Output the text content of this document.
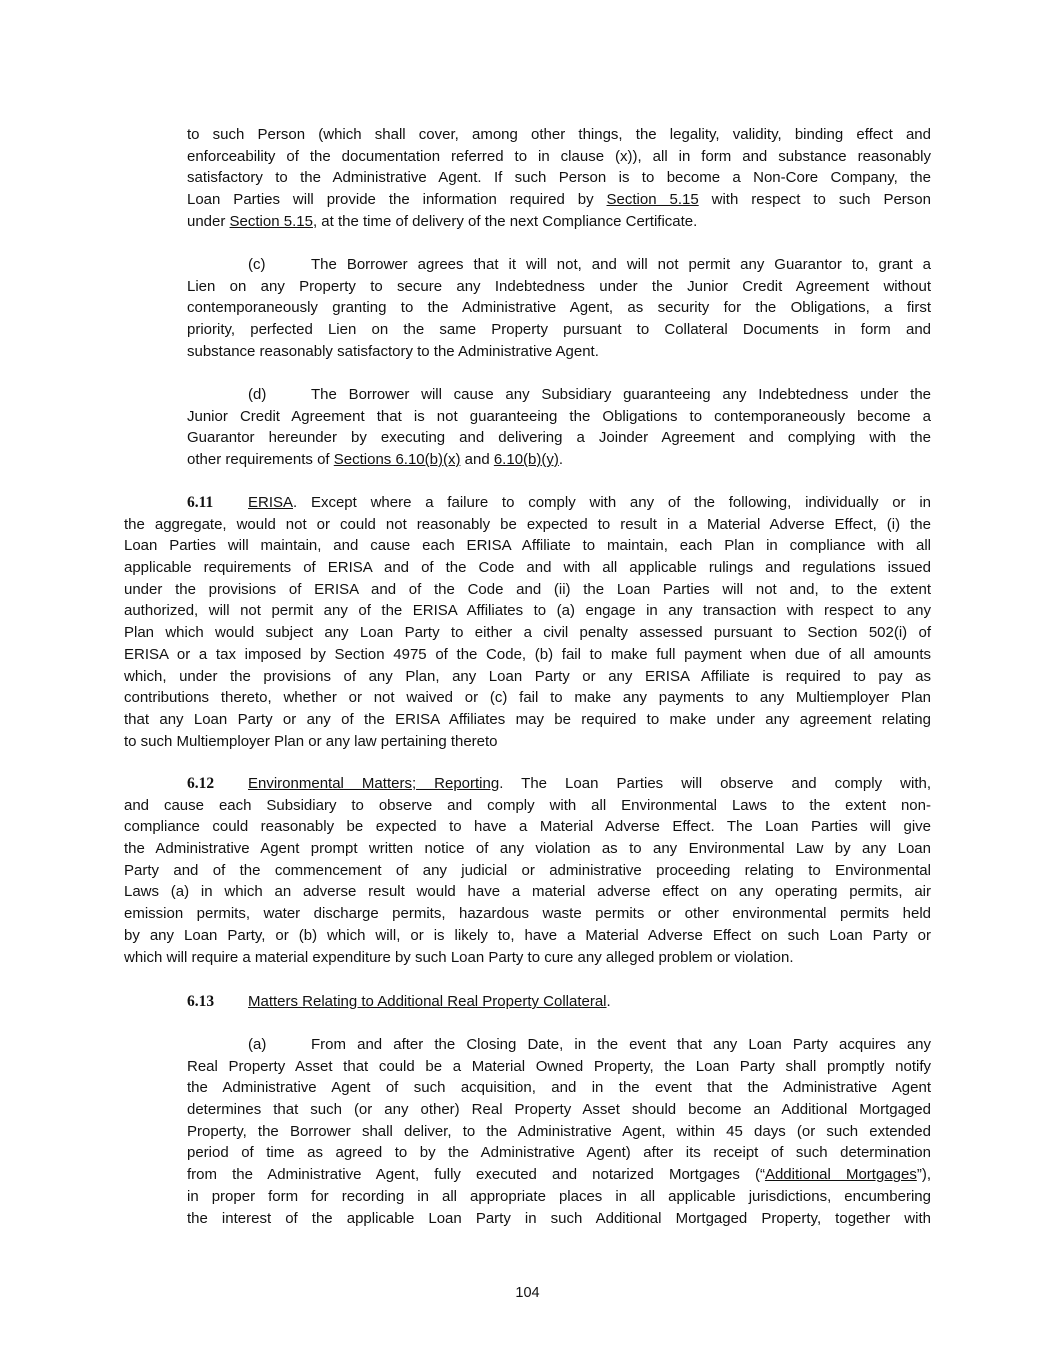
to such Person (which shall cover, among other things, the legality, validity, binding effect and
enforceability of the documentation referred to in clause (x)), all in form and substance reasonably
satisfactory to the Administrative Agent. If such Person is to become a Non-Core Company, the
Loan Parties will provide the information required by Section 5.15 with respect to such Person
under Section 5.15, at the time of delivery of the next Compliance Certificate.
(c)	The Borrower agrees that it will not, and will not permit any Guarantor to, grant a
Lien on any Property to secure any Indebtedness under the Junior Credit Agreement without
contemporaneously granting to the Administrative Agent, as security for the Obligations, a first
priority, perfected Lien on the same Property pursuant to Collateral Documents in form and
substance reasonably satisfactory to the Administrative Agent.
(d)	The Borrower will cause any Subsidiary guaranteeing any Indebtedness under the
Junior Credit Agreement that is not guaranteeing the Obligations to contemporaneously become a
Guarantor hereunder by executing and delivering a Joinder Agreement and complying with the
other requirements of Sections 6.10(b)(x) and 6.10(b)(y).
6.11 ERISA. Except where a failure to comply with any of the following, individually or in
the aggregate, would not or could not reasonably be expected to result in a Material Adverse Effect, (i) the
Loan Parties will maintain, and cause each ERISA Affiliate to maintain, each Plan in compliance with all
applicable requirements of ERISA and of the Code and with all applicable rulings and regulations issued
under the provisions of ERISA and of the Code and (ii) the Loan Parties will not and, to the extent
authorized, will not permit any of the ERISA Affiliates to (a) engage in any transaction with respect to any
Plan which would subject any Loan Party to either a civil penalty assessed pursuant to Section 502(i) of
ERISA or a tax imposed by Section 4975 of the Code, (b) fail to make full payment when due of all amounts
which, under the provisions of any Plan, any Loan Party or any ERISA Affiliate is required to pay as
contributions thereto, whether or not waived or (c) fail to make any payments to any Multiemployer Plan
that any Loan Party or any of the ERISA Affiliates may be required to make under any agreement relating
to such Multiemployer Plan or any law pertaining thereto
6.12 Environmental Matters; Reporting. The Loan Parties will observe and comply with,
and cause each Subsidiary to observe and comply with all Environmental Laws to the extent non-
compliance could reasonably be expected to have a Material Adverse Effect. The Loan Parties will give
the Administrative Agent prompt written notice of any violation as to any Environmental Law by any Loan
Party and of the commencement of any judicial or administrative proceeding relating to Environmental
Laws (a) in which an adverse result would have a material adverse effect on any operating permits, air
emission permits, water discharge permits, hazardous waste permits or other environmental permits held
by any Loan Party, or (b) which will, or is likely to, have a Material Adverse Effect on such Loan Party or
which will require a material expenditure by such Loan Party to cure any alleged problem or violation.
6.13 Matters Relating to Additional Real Property Collateral.
(a)	From and after the Closing Date, in the event that any Loan Party acquires any
Real Property Asset that could be a Material Owned Property, the Loan Party shall promptly notify
the Administrative Agent of such acquisition, and in the event that the Administrative Agent
determines that such (or any other) Real Property Asset should become an Additional Mortgaged
Property, the Borrower shall deliver, to the Administrative Agent, within 45 days (or such extended
period of time as agreed to by the Administrative Agent) after its receipt of such determination
from the Administrative Agent, fully executed and notarized Mortgages (“Additional Mortgages”),
in proper form for recording in all appropriate places in all applicable jurisdictions, encumbering
the interest of the applicable Loan Party in such Additional Mortgaged Property, together with
104
